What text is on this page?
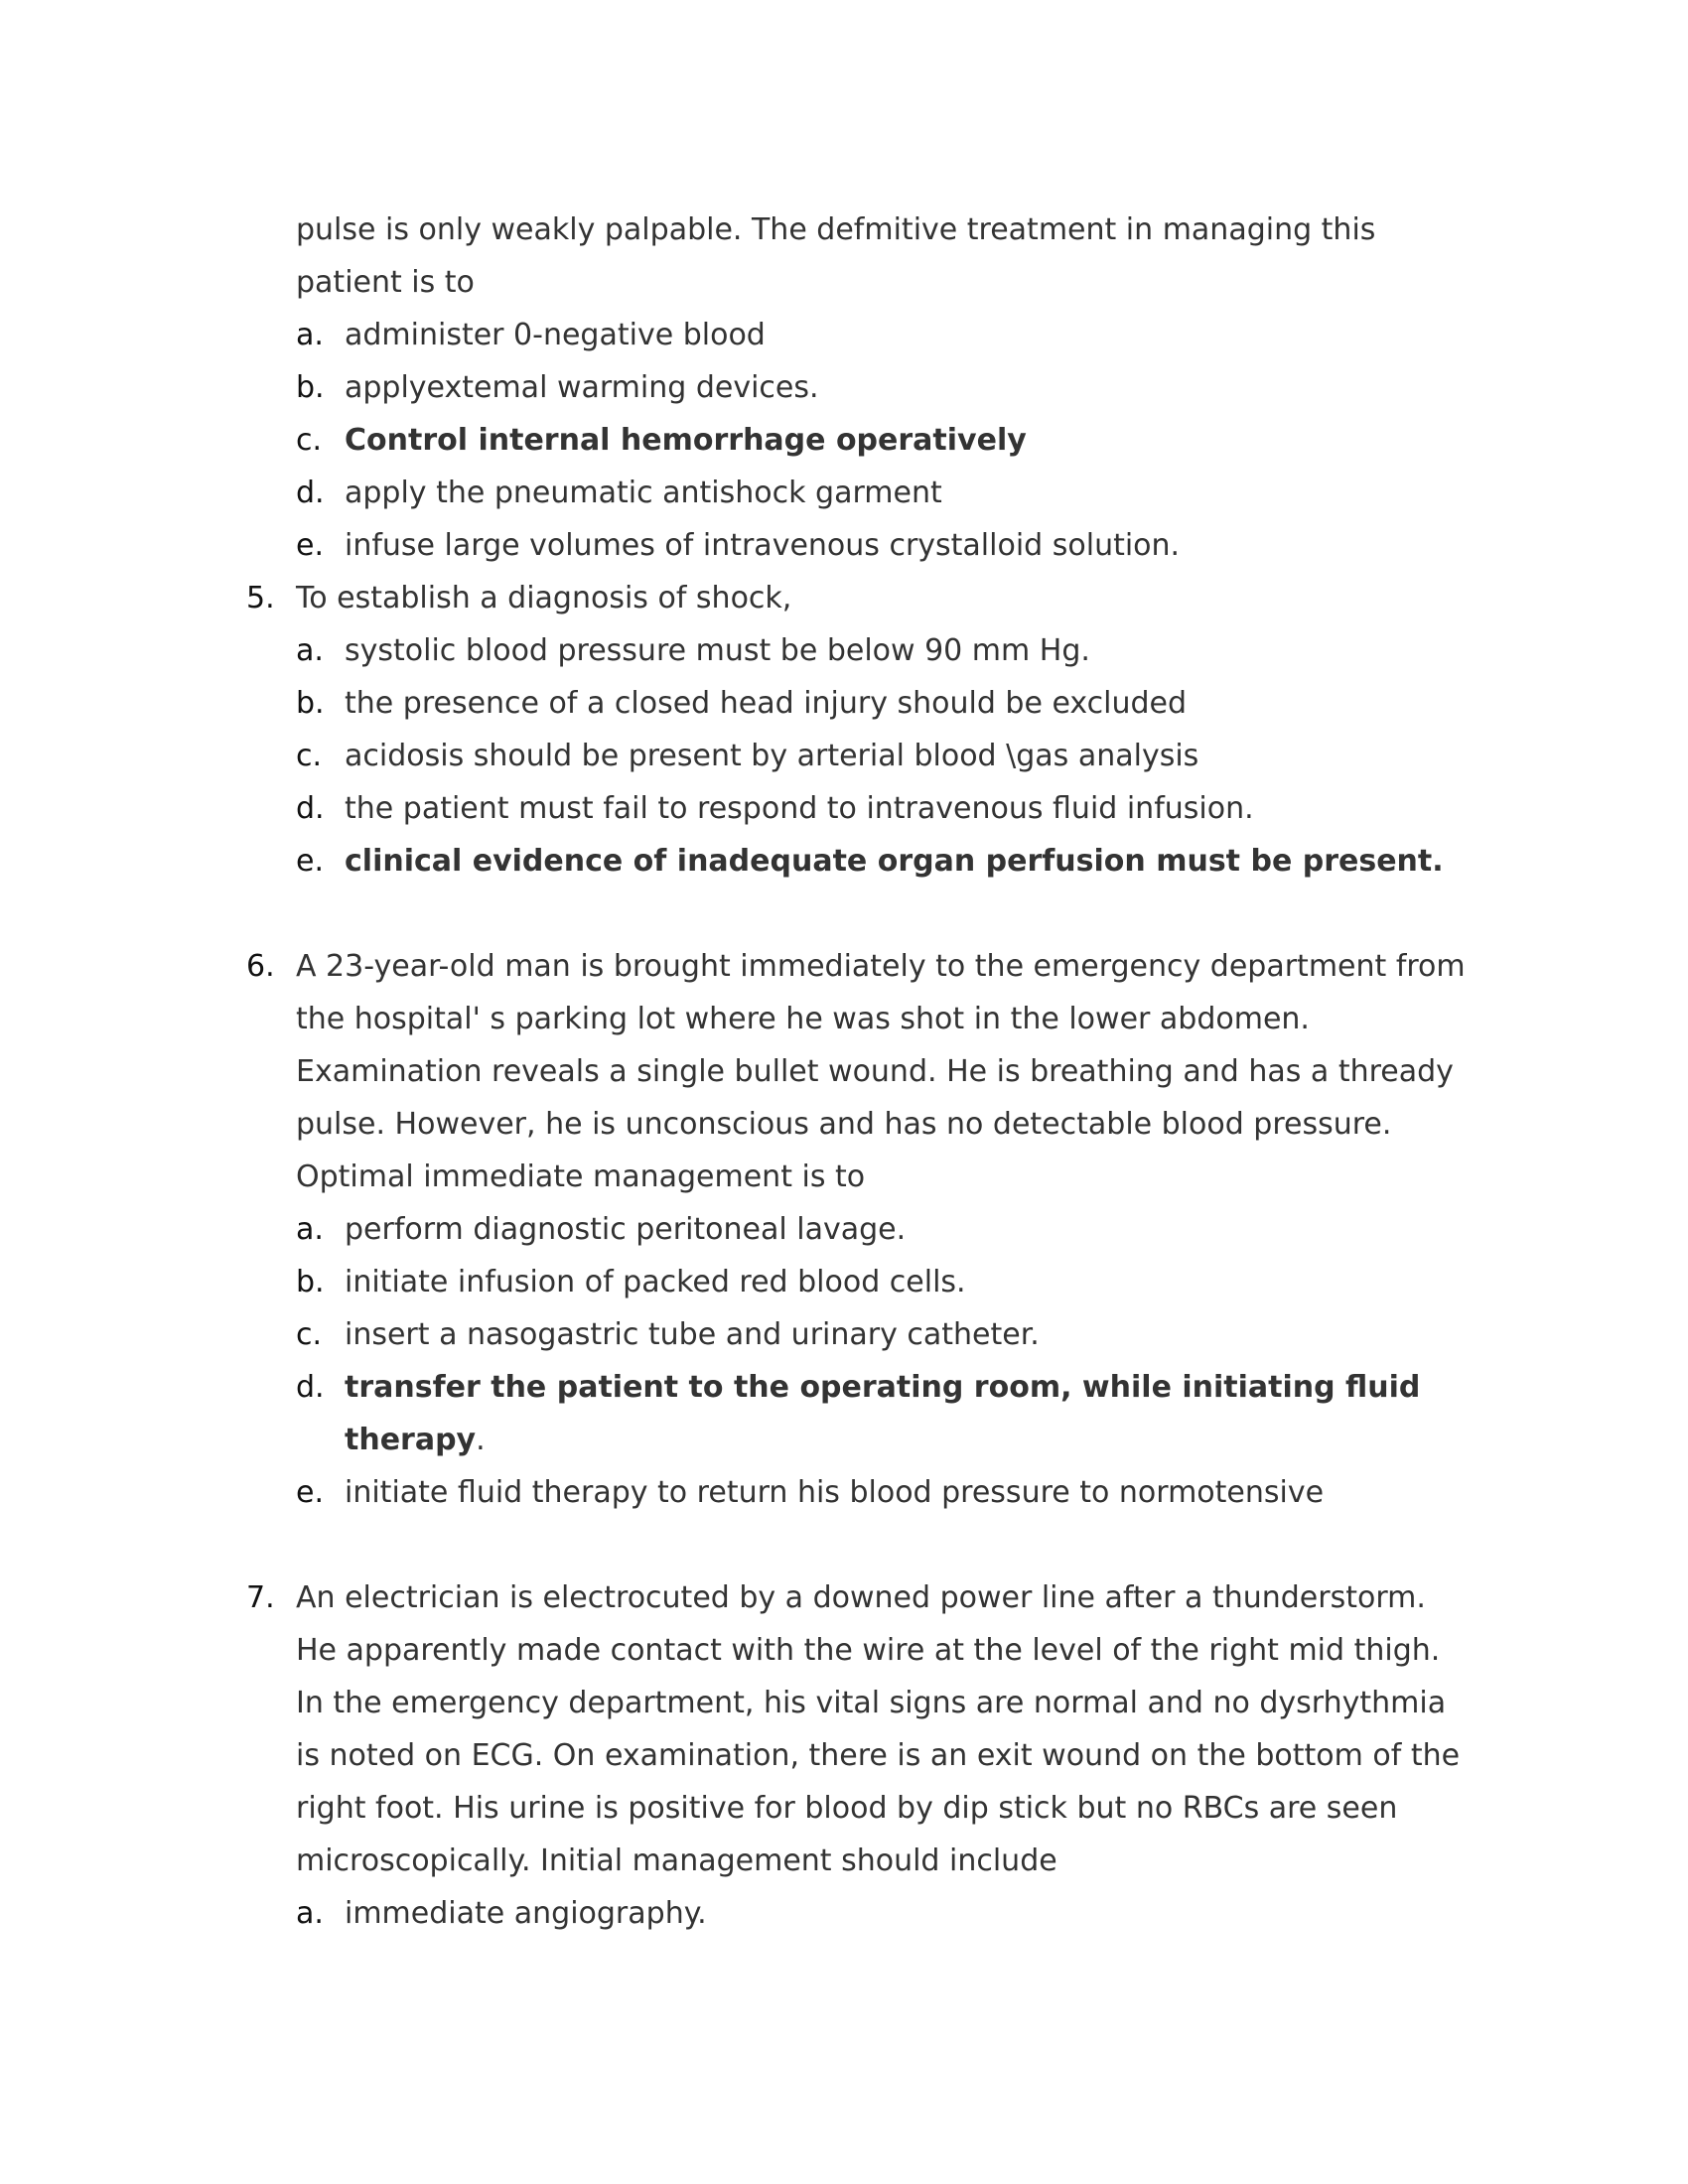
pulse is only weakly palpable. The defmitive treatment in managing this
patient is to
a. administer 0-negative blood
b. applyextemal warming devices.
c. Control internal hemorrhage operatively
d. apply the pneumatic antishock garment
e. infuse large volumes of intravenous crystalloid solution.
5. To establish a diagnosis of shock,
a. systolic blood pressure must be below 90 mm Hg.
b. the presence of a closed head injury should be excluded
c. acidosis should be present by arterial blood \gas analysis
d. the patient must fail to respond to intravenous fluid infusion.
e. clinical evidence of inadequate organ perfusion must be present.
6. A 23-year-old man is brought immediately to the emergency department from
the hospital' s parking lot where he was shot in the lower abdomen.
Examination reveals a single bullet wound. He is breathing and has a thready
pulse. However, he is unconscious and has no detectable blood pressure.
Optimal immediate management is to
a. perform diagnostic peritoneal lavage.
b. initiate infusion of packed red blood cells.
c. insert a nasogastric tube and urinary catheter.
d. transfer the patient to the operating room, while initiating fluid
therapy.
e. initiate fluid therapy to return his blood pressure to normotensive
7. An electrician is electrocuted by a downed power line after a thunderstorm.
He apparently made contact with the wire at the level of the right mid thigh.
In the emergency department, his vital signs are normal and no dysrhythmia
is noted on ECG. On examination, there is an exit wound on the bottom of the
right foot. His urine is positive for blood by dip stick but no RBCs are seen
microscopically. Initial management should include
a. immediate angiography.
